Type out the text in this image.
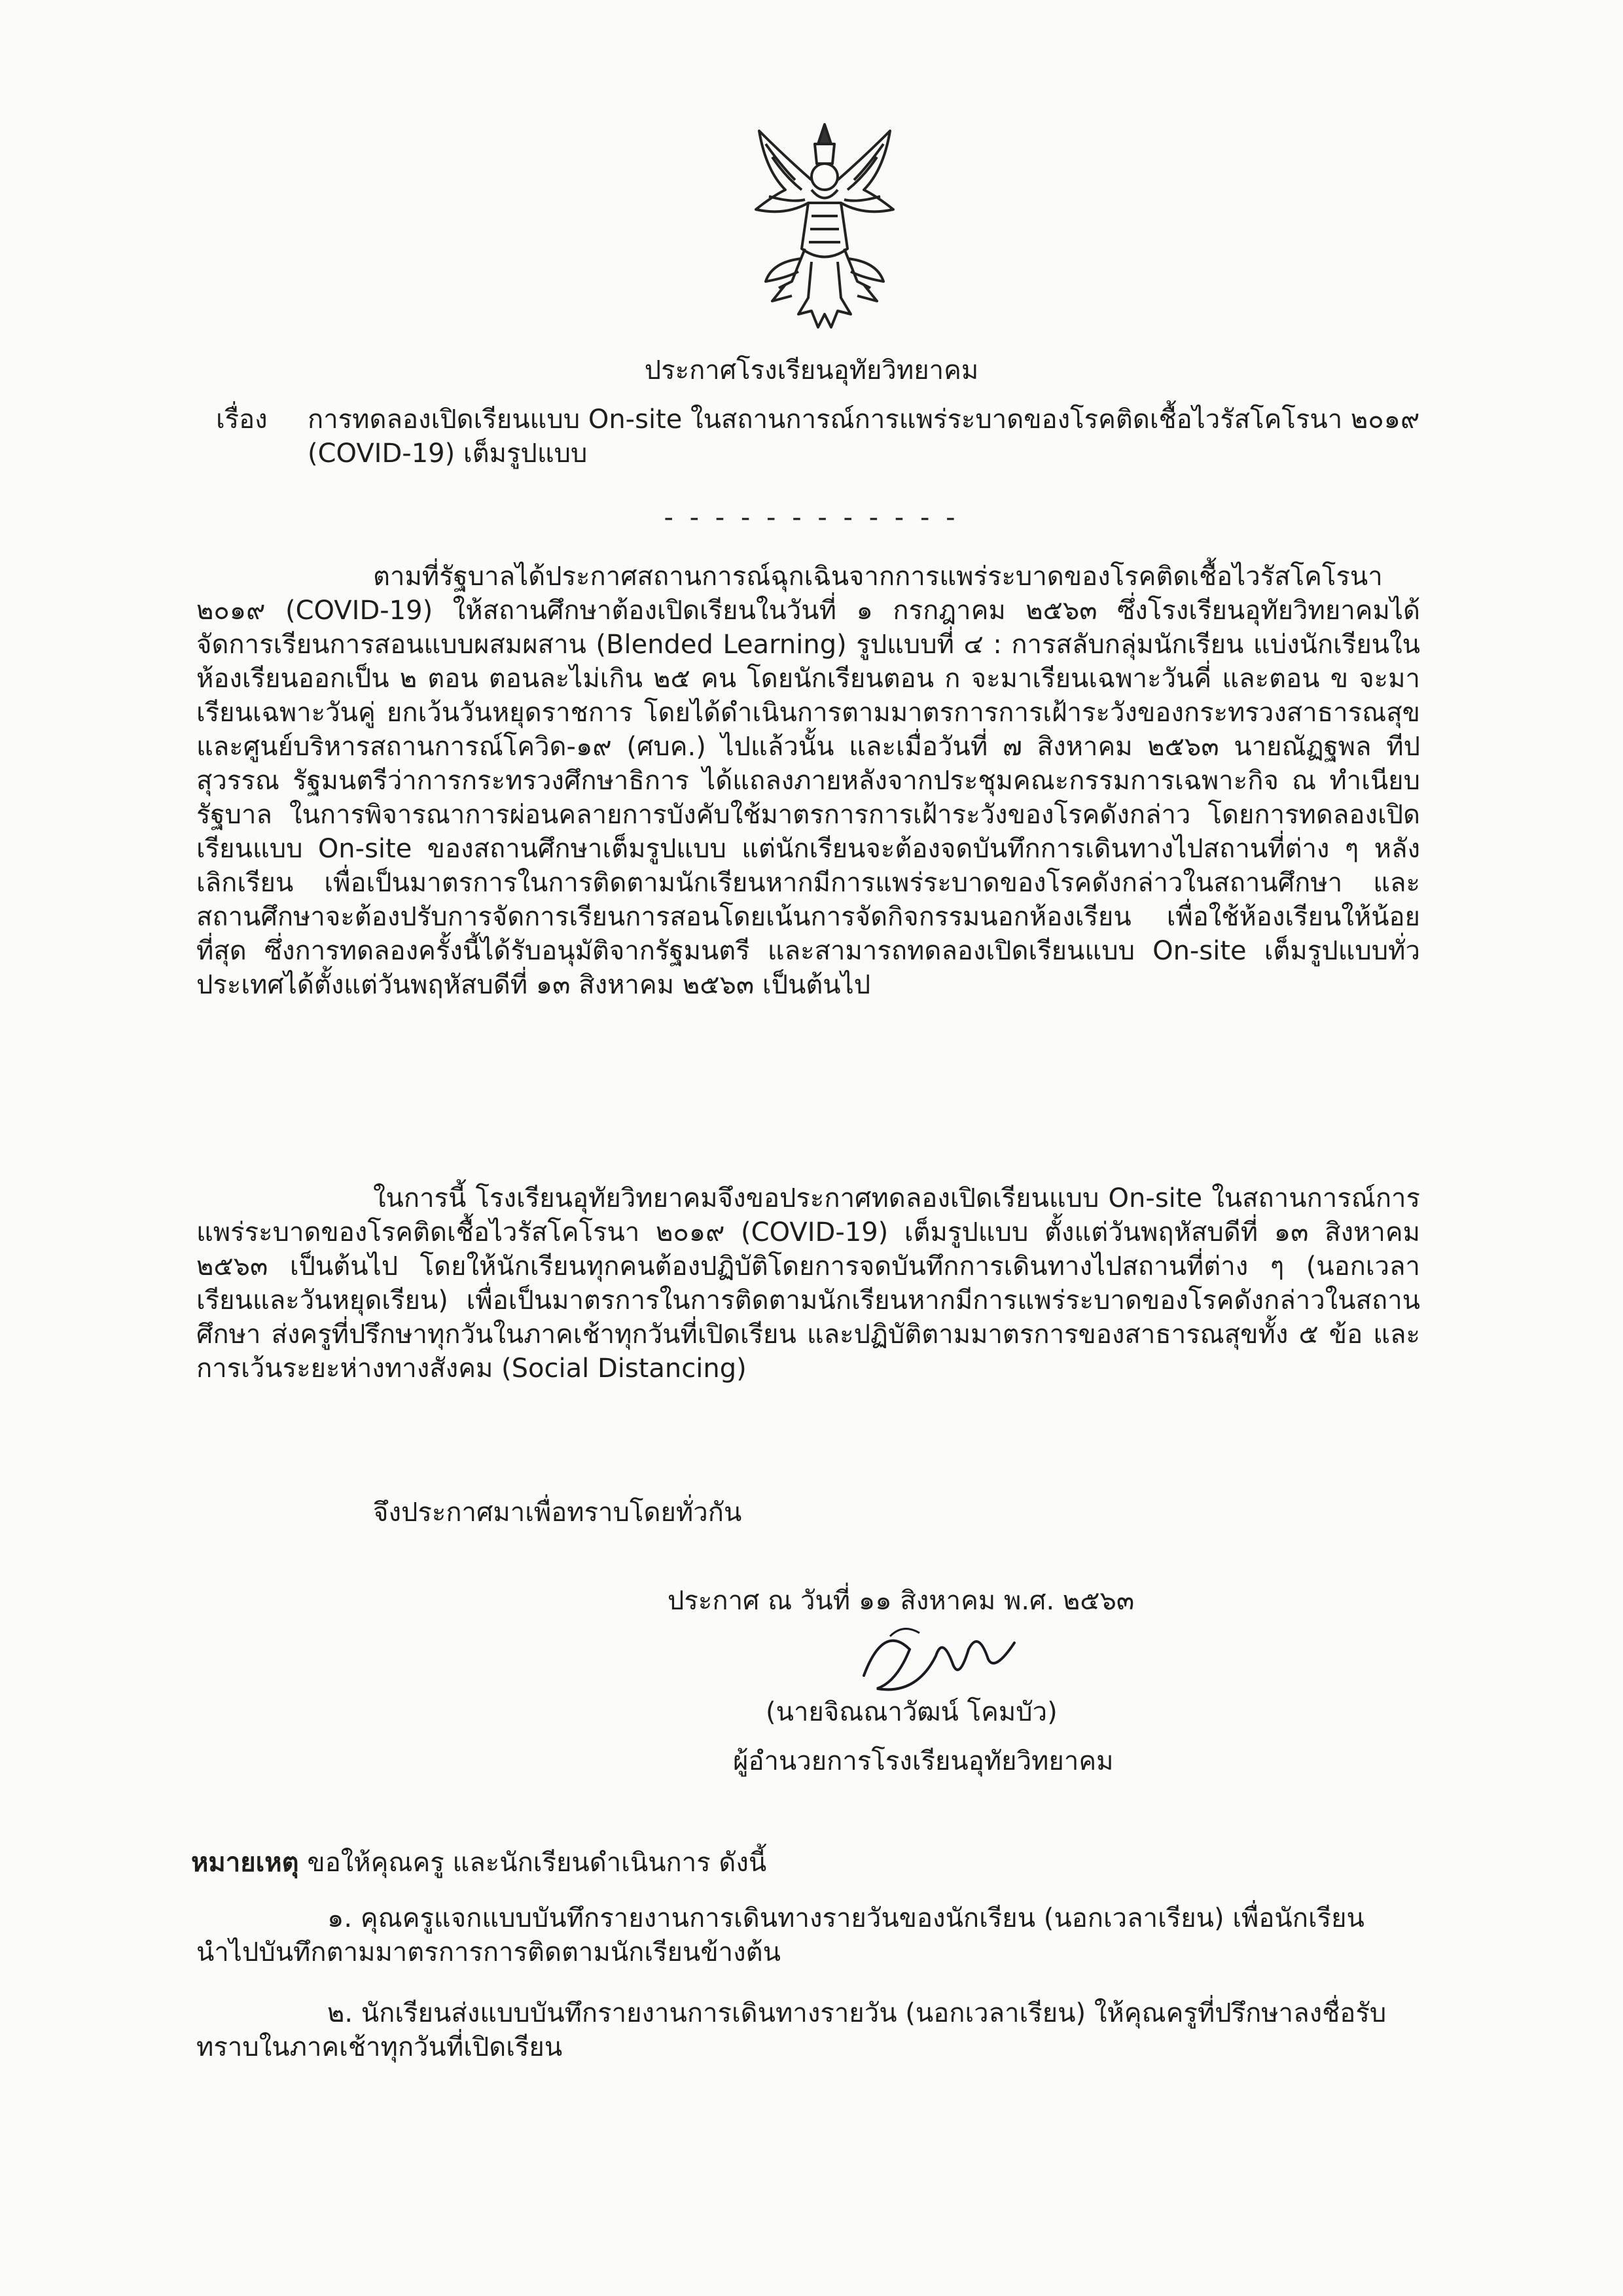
ประกาศโรงเรียนอุทัยวิทยาคม
เรื่อง	การทดลองเปิดเรียนแบบ On-site ในสถานการณ์การแพร่ระบาดของโรคติดเชื้อไวรัสโคโรนา ๒๐๑๙ (COVID-19) เต็มรูปแบบ
- - - - - - - - - - - -

ตามที่รัฐบาลได้ประกาศสถานการณ์ฉุกเฉินจากการแพร่ระบาดของโรคติดเชื้อไวรัสโคโรนา ๒๐๑๙ (COVID-19) ให้สถานศึกษาต้องเปิดเรียนในวันที่ ๑ กรกฎาคม ๒๕๖๓ ซึ่งโรงเรียนอุทัยวิทยาคมได้จัดการเรียนการสอนแบบผสมผสาน (Blended Learning) รูปแบบที่ ๔ : การสลับกลุ่มนักเรียน แบ่งนักเรียนในห้องเรียนออกเป็น ๒ ตอน ตอนละไม่เกิน ๒๕ คน โดยนักเรียนตอน ก จะมาเรียนเฉพาะวันคี่ และตอน ข จะมาเรียนเฉพาะวันคู่ ยกเว้นวันหยุดราชการ โดยได้ดำเนินการตามมาตรการการเฝ้าระวังของกระทรวงสาธารณสุข และศูนย์บริหารสถานการณ์โควิด-๑๙ (ศบค.) ไปแล้วนั้น และเมื่อวันที่ ๗ สิงหาคม ๒๕๖๓ นายณัฏฐพล ทีปสุวรรณ รัฐมนตรีว่าการกระทรวงศึกษาธิการ ได้แถลงภายหลังจากประชุมคณะกรรมการเฉพาะกิจ ณ ทำเนียบรัฐบาล ในการพิจารณาการผ่อนคลายการบังคับใช้มาตรการการเฝ้าระวังของโรคดังกล่าว โดยการทดลองเปิดเรียนแบบ On-site ของสถานศึกษาเต็มรูปแบบ แต่นักเรียนจะต้องจดบันทึกการเดินทางไปสถานที่ต่าง ๆ หลังเลิกเรียน เพื่อเป็นมาตรการในการติดตามนักเรียนหากมีการแพร่ระบาดของโรคดังกล่าวในสถานศึกษา และสถานศึกษาจะต้องปรับการจัดการเรียนการสอนโดยเน้นการจัดกิจกรรมนอกห้องเรียน เพื่อใช้ห้องเรียนให้น้อยที่สุด ซึ่งการทดลองครั้งนี้ได้รับอนุมัติจากรัฐมนตรี และสามารถทดลองเปิดเรียนแบบ On-site เต็มรูปแบบทั่วประเทศได้ตั้งแต่วันพฤหัสบดีที่ ๑๓ สิงหาคม ๒๕๖๓ เป็นต้นไป

ในการนี้ โรงเรียนอุทัยวิทยาคมจึงขอประกาศทดลองเปิดเรียนแบบ On-site ในสถานการณ์การแพร่ระบาดของโรคติดเชื้อไวรัสโคโรนา ๒๐๑๙ (COVID-19) เต็มรูปแบบ ตั้งแต่วันพฤหัสบดีที่ ๑๓ สิงหาคม ๒๕๖๓ เป็นต้นไป โดยให้นักเรียนทุกคนต้องปฏิบัติโดยการจดบันทึกการเดินทางไปสถานที่ต่าง ๆ (นอกเวลาเรียนและวันหยุดเรียน) เพื่อเป็นมาตรการในการติดตามนักเรียนหากมีการแพร่ระบาดของโรคดังกล่าวในสถานศึกษา ส่งครูที่ปรึกษาทุกวันในภาคเช้าทุกวันที่เปิดเรียน และปฏิบัติตามมาตรการของสาธารณสุขทั้ง ๕ ข้อ และการเว้นระยะห่างทางสังคม (Social Distancing)

จึงประกาศมาเพื่อทราบโดยทั่วกัน
ประกาศ ณ วันที่ ๑๑ สิงหาคม พ.ศ. ๒๕๖๓
(นายจิณณาวัฒน์ โคมบัว)
ผู้อำนวยการโรงเรียนอุทัยวิทยาคม
หมายเหตุ ขอให้คุณครู และนักเรียนดำเนินการ ดังนี้

๑. คุณครูแจกแบบบันทึกรายงานการเดินทางรายวันของนักเรียน (นอกเวลาเรียน) เพื่อนักเรียนนำไปบันทึกตามมาตรการการติดตามนักเรียนข้างต้น

๒. นักเรียนส่งแบบบันทึกรายงานการเดินทางรายวัน (นอกเวลาเรียน) ให้คุณครูที่ปรึกษาลงชื่อรับทราบในภาคเช้าทุกวันที่เปิดเรียน
